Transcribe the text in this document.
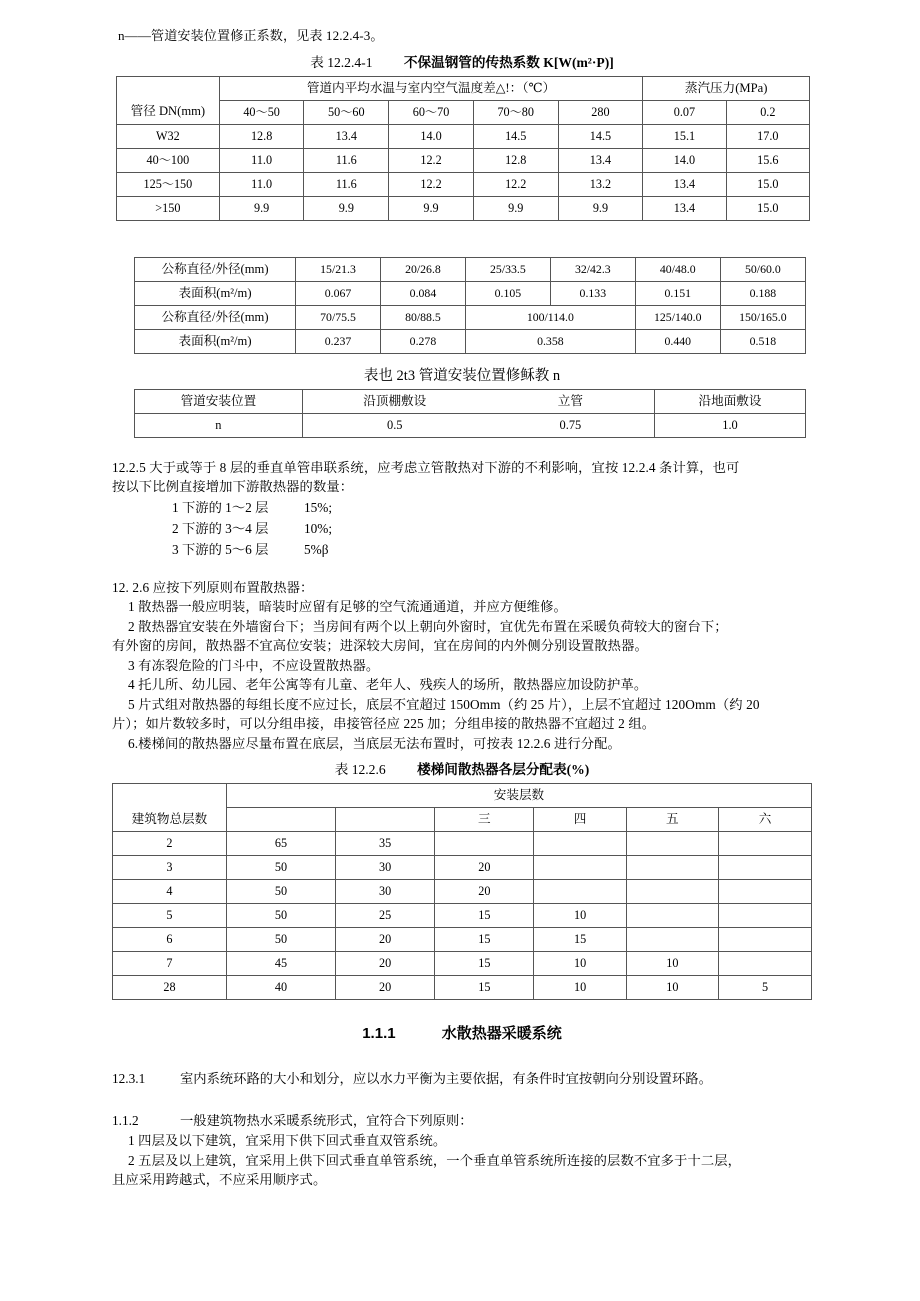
n——管道安装位置修正系数，见表 12.2.4-3。

表 12.2.4-1 不保温钢管的传热系数 K[W(m²·P)]

	管道内平均水温与室内空气温度差△!：（℃）					蒸汽压力(MPa)	
管径 DN(mm)	40～50	50～60	60～70	70～80	280	0.07	0.2
W32	12.8	13.4	14.0	14.5	14.5	15.1	17.0
40～100	11.0	11.6	12.2	12.8	13.4	14.0	15.6
125～150	11.0	11.6	12.2	12.2	13.2	13.4	15.0
>150	9.9	9.9	9.9	9.9	9.9	13.4	15.0
公称直径/外径(mm)	15/21.3	20/26.8	25/33.5	32/42.3	40/48.0	50/60.0
表面积(m²/m)	0.067	0.084	0.105	0.133	0.151	0.188
公称直径/外径(mm)	70/75.5	80/88.5	100/114.0		125/140.0	150/165.0
表面积(m²/m)	0.237	0.278	0.358		0.440	0.518

表也 2t3 管道安装位置修稣教 n

管道安装位置	沿顶棚敷设	立管	沿地面敷设
n	0.5	0.75	1.0

12.2.5 大于或等于 8 层的垂直单管串联系统，应考虑立管散热对下游的不利影响，宜按 12.2.4 条计算，也可

按以下比例直接增加下游散热器的数量：

1 下游的 1～2 层	15%;
2 下游的 3～4 层	10%;
3 下游的 5～6 层	5%β

12. 2.6 应按下列原则布置散热器：

1 散热器一般应明装，暗装时应留有足够的空气流通通道，并应方便维修。

2 散热器宜安装在外墙窗台下；当房间有两个以上朝向外窗时，宜优先布置在采暖负荷较大的窗台下；

有外窗的房间，散热器不宜高位安装；进深较大房间，宜在房间的内外侧分别设置散热器。

3 有冻裂危险的门斗中，不应设置散热器。

4 托儿所、幼儿园、老年公寓等有儿童、老年人、残疾人的场所，散热器应加设防护革。

5 片式组对散热器的每组长度不应过长，底层不宜超过 150Omm（约 25 片），上层不宜超过 120Omm（约 20

片）；如片数较多时，可以分组串接，串接管径应 225 加；分组串接的散热器不宜超过 2 组。

6.楼梯间的散热器应尽量布置在底层，当底层无法布置时，可按表 12.2.6 进行分配。

表 12.2.6 楼梯间散热器各层分配表(%)

	安装层数					
建筑物总层数			三	四	五	六
2	65	35				
3	50	30	20			
4	50	30	20			
5	50	25	15	10		
6	50	20	15	15		
7	45	20	15	10	10	
28	40	20	15	10	10	5

1.1.1	水散热器采暖系统

12.3.1	室内系统环路的大小和划分，应以水力平衡为主要依据，有条件时宜按朝向分别设置环路。

1.1.2	一般建筑物热水采暖系统形式，宜符合下列原则：

1 四层及以下建筑，宜采用下供下回式垂直双管系统。

2 五层及以上建筑，宜采用上供下回式垂直单管系统，一个垂直单管系统所连接的层数不宜多于十二层，

且应采用跨越式，不应采用顺序式。
